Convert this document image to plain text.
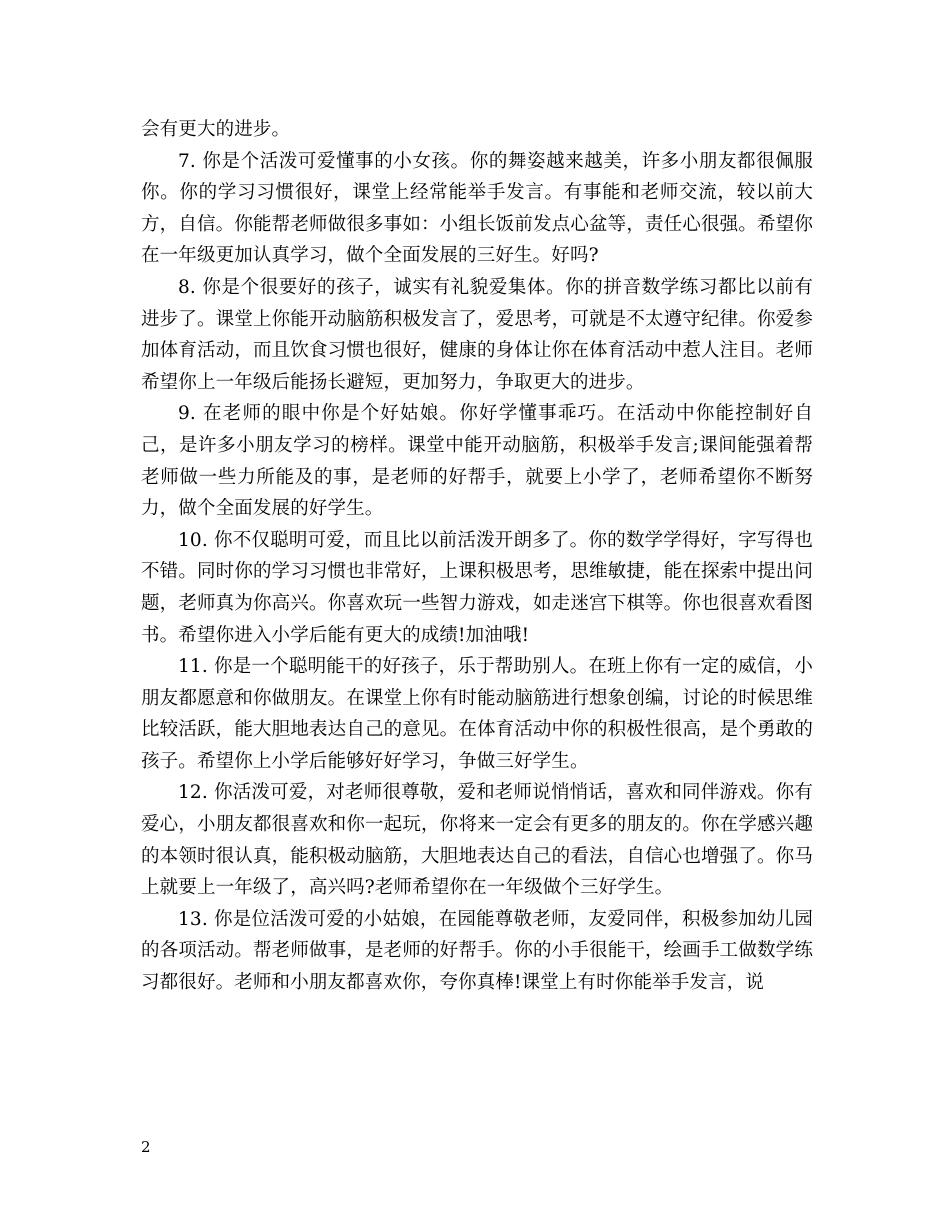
会有更大的进步。

7. 你是个活泼可爱懂事的小女孩。你的舞姿越来越美，许多小朋友都很佩服你。你的学习习惯很好，课堂上经常能举手发言。有事能和老师交流，较以前大方，自信。你能帮老师做很多事如：小组长饭前发点心盆等，责任心很强。希望你在一年级更加认真学习，做个全面发展的三好生。好吗?

8. 你是个很要好的孩子，诚实有礼貌爱集体。你的拼音数学练习都比以前有进步了。课堂上你能开动脑筋积极发言了，爱思考，可就是不太遵守纪律。你爱参加体育活动，而且饮食习惯也很好，健康的身体让你在体育活动中惹人注目。老师希望你上一年级后能扬长避短，更加努力，争取更大的进步。

9. 在老师的眼中你是个好姑娘。你好学懂事乖巧。在活动中你能控制好自己，是许多小朋友学习的榜样。课堂中能开动脑筋，积极举手发言;课间能强着帮老师做一些力所能及的事，是老师的好帮手，就要上小学了，老师希望你不断努力，做个全面发展的好学生。

10. 你不仅聪明可爱，而且比以前活泼开朗多了。你的数学学得好，字写得也不错。同时你的学习习惯也非常好，上课积极思考，思维敏捷，能在探索中提出问题，老师真为你高兴。你喜欢玩一些智力游戏，如走迷宫下棋等。你也很喜欢看图书。希望你进入小学后能有更大的成绩!加油哦!

11. 你是一个聪明能干的好孩子，乐于帮助别人。在班上你有一定的威信，小朋友都愿意和你做朋友。在课堂上你有时能动脑筋进行想象创编，讨论的时候思维比较活跃，能大胆地表达自己的意见。在体育活动中你的积极性很高，是个勇敢的孩子。希望你上小学后能够好好学习，争做三好学生。

12. 你活泼可爱，对老师很尊敬，爱和老师说悄悄话，喜欢和同伴游戏。你有爱心，小朋友都很喜欢和你一起玩，你将来一定会有更多的朋友的。你在学感兴趣的本领时很认真，能积极动脑筋，大胆地表达自己的看法，自信心也增强了。你马上就要上一年级了，高兴吗?老师希望你在一年级做个三好学生。

13. 你是位活泼可爱的小姑娘，在园能尊敬老师，友爱同伴，积极参加幼儿园的各项活动。帮老师做事，是老师的好帮手。你的小手很能干，绘画手工做数学练习都很好。老师和小朋友都喜欢你，夸你真棒!课堂上有时你能举手发言，说

2
